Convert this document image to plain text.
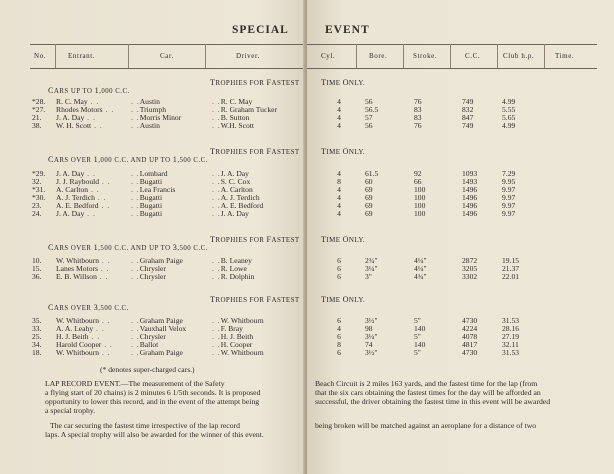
SPECIAL
No.	Entrant.	Car.	Driver.
TROPHIES FOR FASTEST
CARS UP TO 1,000 C.C.
*28.	R. C. May . .	. .Austin	. .R. C. May
*27.	Rhodes Motors . . . .Triumph	. .R. Graham Tucker
21.	J. A. Day . .	. .Morris Minor	. .B. Sutton
38.	W. H. Scott . .	. .Austin	. .W.H. Scott
TROPHIES FOR FASTEST
CARS OVER 1,000 C.C. AND UP TO 1,500 C.C.
*29.	J. A. Day . .	. .Lombard	. .J. A. Day
32.	J. J. Raybould . .	. .Bugatti	. .S. C. Cox
*31.	A. Carlton . .	. .Lea Francis	. .A. Carlton
*30.	A. J. Terdich . .	. .Bugatti	. .A. J. Terdich
23.	A. E. Bedford . .	. .Bugatti	. .A. E. Bedford
24.	J. A. Day . .	. .Bugatti	. .J. A. Day
TROPHIES FOR FASTEST
CARS OVER 1,500 C.C. AND UP TO 3,500 C.C.
10.	W. Whitbourn . .	. .Graham Paige	. .B. Leaney
15.	Lanes Motors . .	. .Chrysler	. .R. Lowe
36.	E. B. Willson . .	. .Chrysler	. .R. Dolphin
TROPHIES FOR FASTEST
CARS OVER 3,500 C.C.
35.	W. Whitbourn . .	. .Graham Paige	. .W. Whitbourn
33.	A. A. Leahy . .	. .Vauxhall Velox	. .F. Bray
25.	H. J. Beith . .	. .Chrysler	. .H. J. Beith
34.	Harold Cooper . . . .Ballot	. .H. Cooper
18.	W. Whitbourn . .	. .Graham Paige	. .W. Whitbourn
(* denotes super-charged cars.)
LAP RECORD EVENT.—The measurement of the Safety
a flying start of 20 chains) is 2 minutes 6 1/5th seconds. It is proposed
opportunity to lower this record, and in the event of the attempt being
a special trophy.
The car securing the fastest time irrespective of the lap record
laps. A special trophy will also be awarded for the winner of this event.
EVENT
Cyl.	Bore.	Stroke.	C.C.	Club h.p.	Time.
TIME ONLY.
4	56	76	749	4.99
4	56.5	83	832	5.55
4	57	83	847	5.65
4	56	76	749	4.99
TIME ONLY.
4	61.5	92	1093	7.29
8	60	66	1493	9.95
4	69	100	1496	9.97
4	69	100	1496	9.97
4	69	100	1496	9.97
4	69	100	1496	9.97
TIME ONLY.
6	2¾"	4¼"	2872	19.15
6	3¼"	4¼"	3205	21.37
6	3"	4¾"	3302	22.01
TIME ONLY.
6	3½"	5"	4730	31.53
4	98	140	4224	28.16
6	3¼"	5"	4078	27.19
8	74	140	4817	32.11
6	3½"	5"	4730	31.53
Beach Circuit is 2 miles 163 yards, and the fastest time for the lap (from
that the six cars obtaining the fastest times for the day will be afforded an
successful, the driver obtaining the fastest time in this event will be awarded
being broken will be matched against an aeroplane for a distance of two
